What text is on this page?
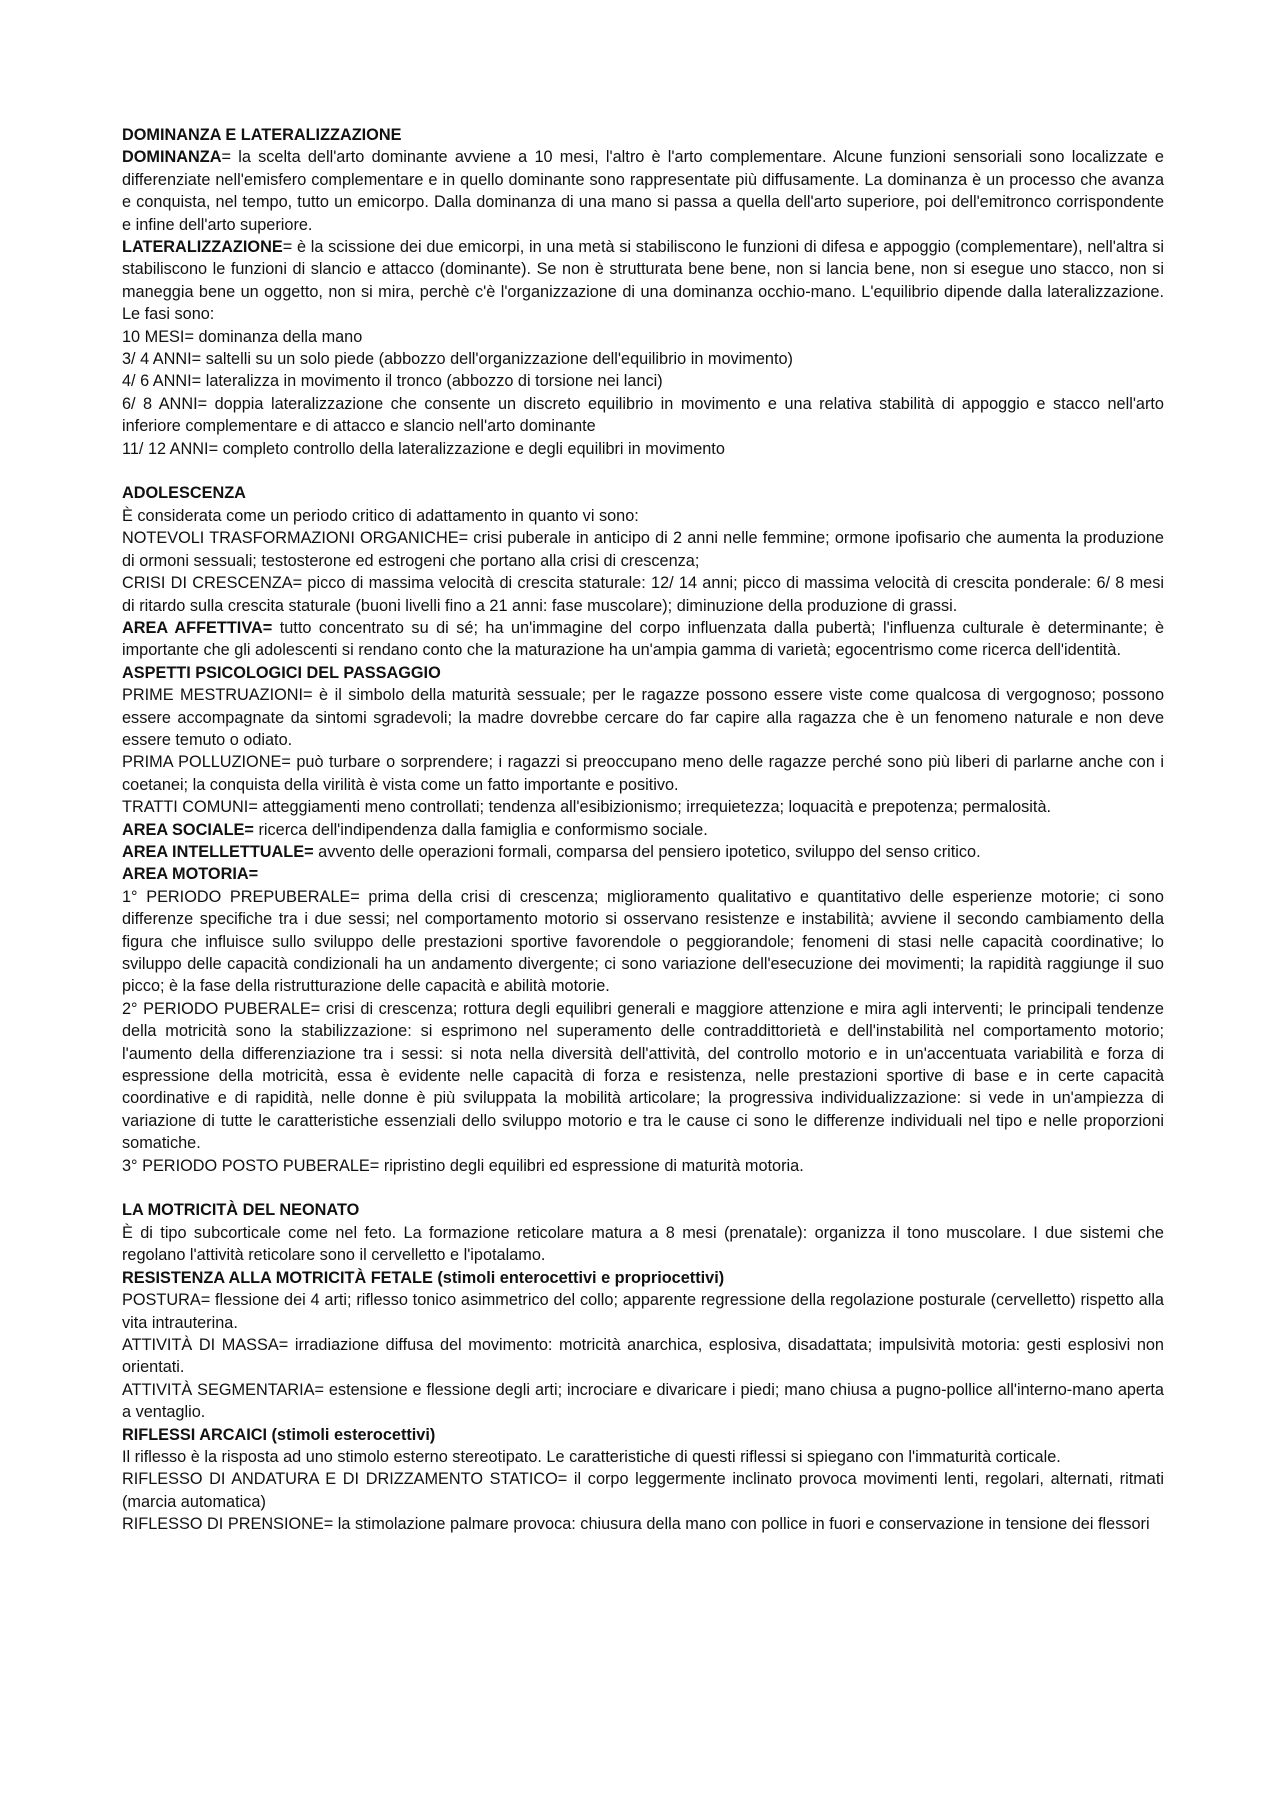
DOMINANZA E LATERALIZZAZIONE

DOMINANZA= la scelta dell'arto dominante avviene a 10 mesi, l'altro è l'arto complementare. Alcune funzioni sensoriali sono localizzate e differenziate nell'emisfero complementare e in quello dominante sono rappresentate più diffusamente. La dominanza è un processo che avanza e conquista, nel tempo, tutto un emicorpo. Dalla dominanza di una mano si passa a quella dell'arto superiore, poi dell'emitronco corrispondente e infine dell'arto superiore.

LATERALIZZAZIONE= è la scissione dei due emicorpi, in una metà si stabiliscono le funzioni di difesa e appoggio (complementare), nell'altra si stabiliscono le funzioni di slancio e attacco (dominante). Se non è strutturata bene bene, non si lancia bene, non si esegue uno stacco, non si maneggia bene un oggetto, non si mira, perchè c'è l'organizzazione di una dominanza occhio-mano. L'equilibrio dipende dalla lateralizzazione. Le fasi sono:

10 MESI= dominanza della mano

3/ 4 ANNI= saltelli su un solo piede (abbozzo dell'organizzazione dell'equilibrio in movimento)

4/ 6 ANNI= lateralizza in movimento il tronco (abbozzo di torsione nei lanci)

6/ 8 ANNI= doppia lateralizzazione che consente un discreto equilibrio in movimento e una relativa stabilità di appoggio e stacco nell'arto inferiore complementare e di attacco e slancio nell'arto dominante

11/ 12 ANNI= completo controllo della lateralizzazione e degli equilibri in movimento

ADOLESCENZA

È considerata come un periodo critico di adattamento in quanto vi sono:

NOTEVOLI TRASFORMAZIONI ORGANICHE= crisi puberale in anticipo di 2 anni nelle femmine; ormone ipofisario che aumenta la produzione di ormoni sessuali; testosterone ed estrogeni che portano alla crisi di crescenza;

CRISI DI CRESCENZA= picco di massima velocità di crescita staturale: 12/ 14 anni; picco di massima velocità di crescita ponderale: 6/ 8 mesi di ritardo sulla crescita staturale (buoni livelli fino a 21 anni: fase muscolare); diminuzione della produzione di grassi.

AREA AFFETTIVA= tutto concentrato su di sé; ha un'immagine del corpo influenzata dalla pubertà; l'influenza culturale è determinante; è importante che gli adolescenti si rendano conto che la maturazione ha un'ampia gamma di varietà; egocentrismo come ricerca dell'identità.

ASPETTI PSICOLOGICI DEL PASSAGGIO

PRIME MESTRUAZIONI= è il simbolo della maturità sessuale; per le ragazze possono essere viste come qualcosa di vergognoso; possono essere accompagnate da sintomi sgradevoli; la madre dovrebbe cercare do far capire alla ragazza che è un fenomeno naturale e non deve essere temuto o odiato.

PRIMA POLLUZIONE= può turbare o sorprendere; i ragazzi si preoccupano meno delle ragazze perché sono più liberi di parlarne anche con i coetanei; la conquista della virilità è vista come un fatto importante e positivo.

TRATTI COMUNI= atteggiamenti meno controllati; tendenza all'esibizionismo; irrequietezza; loquacità e prepotenza; permalosità.

AREA SOCIALE= ricerca dell'indipendenza dalla famiglia e conformismo sociale.

AREA INTELLETTUALE= avvento delle operazioni formali, comparsa del pensiero ipotetico, sviluppo del senso critico.

AREA MOTORIA=

1° PERIODO PREPUBERALE= prima della crisi di crescenza; miglioramento qualitativo e quantitativo delle esperienze motorie; ci sono differenze specifiche tra i due sessi; nel comportamento motorio si osservano resistenze e instabilità; avviene il secondo cambiamento della figura che influisce sullo sviluppo delle prestazioni sportive favorendole o peggiorandole; fenomeni di stasi nelle capacità coordinative; lo sviluppo delle capacità condizionali ha un andamento divergente; ci sono variazione dell'esecuzione dei movimenti; la rapidità raggiunge il suo picco; è la fase della ristrutturazione delle capacità e abilità motorie.

2° PERIODO PUBERALE= crisi di crescenza; rottura degli equilibri generali e maggiore attenzione e mira agli interventi; le principali tendenze della motricità sono la stabilizzazione: si esprimono nel superamento delle contraddittorietà e dell'instabilità nel comportamento motorio; l'aumento della differenziazione tra i sessi: si nota nella diversità dell'attività, del controllo motorio e in un'accentuata variabilità e forza di espressione della motricità, essa è evidente nelle capacità di forza e resistenza, nelle prestazioni sportive di base e in certe capacità coordinative e di rapidità, nelle donne è più sviluppata la mobilità articolare; la progressiva individualizzazione: si vede in un'ampiezza di variazione di tutte le caratteristiche essenziali dello sviluppo motorio e tra le cause ci sono le differenze individuali nel tipo e nelle proporzioni somatiche.

3° PERIODO POSTO PUBERALE= ripristino degli equilibri ed espressione di maturità motoria.

LA MOTRICITÀ DEL NEONATO

È di tipo subcorticale come nel feto. La formazione reticolare matura a 8 mesi (prenatale): organizza il tono muscolare. I due sistemi che regolano l'attività reticolare sono il cervelletto e l'ipotalamo.

RESISTENZA ALLA MOTRICITÀ FETALE (stimoli enterocettivi e propriocettivi)

POSTURA= flessione dei 4 arti; riflesso tonico asimmetrico del collo; apparente regressione della regolazione posturale (cervelletto) rispetto alla vita intrauterina.

ATTIVITÀ DI MASSA= irradiazione diffusa del movimento: motricità anarchica, esplosiva, disadattata; impulsività motoria: gesti esplosivi non orientati.

ATTIVITÀ SEGMENTARIA= estensione e flessione degli arti; incrociare e divaricare i piedi; mano chiusa a pugno-pollice all'interno-mano aperta a ventaglio.

RIFLESSI ARCAICI (stimoli esterocettivi)

Il riflesso è la risposta ad uno stimolo esterno stereotipato. Le caratteristiche di questi riflessi si spiegano con l'immaturità corticale.

RIFLESSO DI ANDATURA E DI DRIZZAMENTO STATICO= il corpo leggermente inclinato provoca movimenti lenti, regolari, alternati, ritmati (marcia automatica)

RIFLESSO DI PRENSIONE= la stimolazione palmare provoca: chiusura della mano con pollice in fuori e conservazione in tensione dei flessori
